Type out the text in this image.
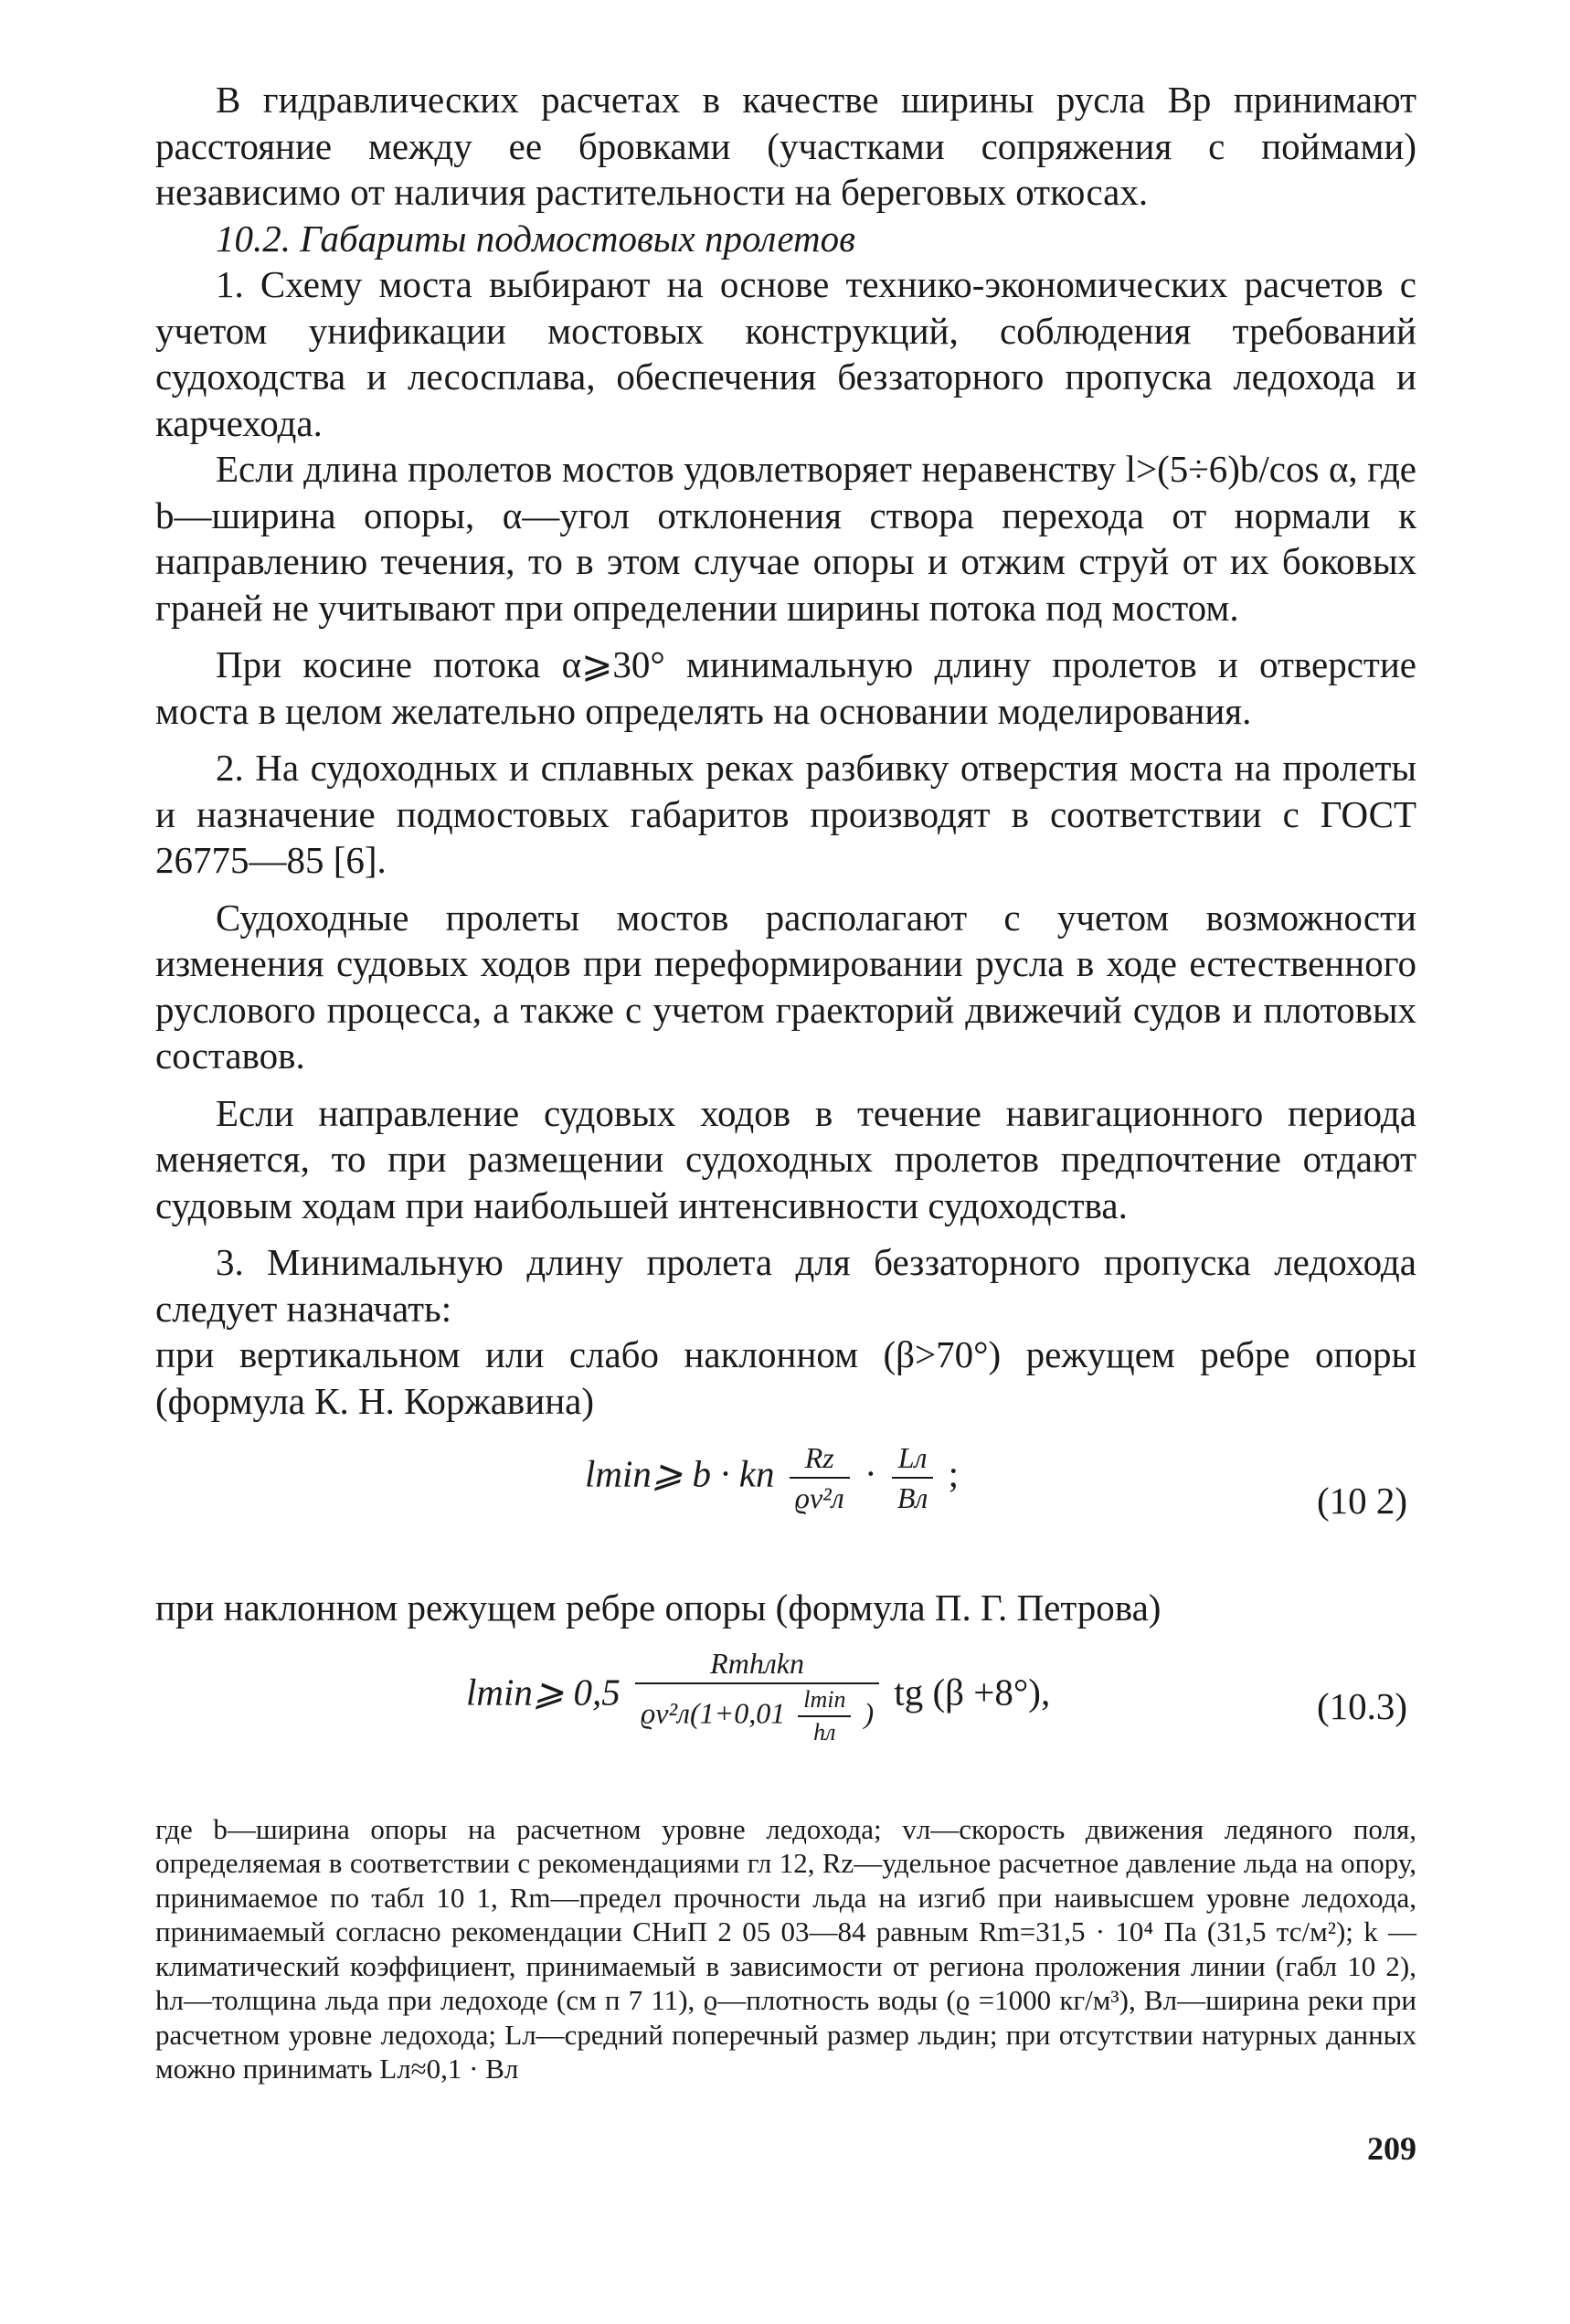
В гидравлических расчетах в качестве ширины русла Bр принимают расстояние между ее бровками (участками сопряжения с поймами) независимо от наличия растительности на береговых откосах.

10.2. Габариты подмостовых пролетов

1. Схему моста выбирают на основе технико-экономических расчетов с учетом унификации мостовых конструкций, соблюдения требований судоходства и лесосплава, обеспечения беззаторного пропуска ледохода и карчехода.

Если длина пролетов мостов удовлетворяет неравенству l>(5÷6)b/cos α, где b—ширина опоры, α—угол отклонения створа перехода от нормали к направлению течения, то в этом случае опоры и отжим струй от их боковых граней не учитывают при определении ширины потока под мостом.

При косине потока α⩾30° минимальную длину пролетов и отверстие моста в целом желательно определять на основании моделирования.

2. На судоходных и сплавных реках разбивку отверстия моста на пролеты и назначение подмостовых габаритов производят в соответствии с ГОСТ 26775—85 [6].

Судоходные пролеты мостов располагают с учетом возможности изменения судовых ходов при переформировании русла в ходе естественного руслового процесса, а также с учетом граекторий движечий судов и плотовых составов.

Если направление судовых ходов в течение навигационного периода меняется, то при размещении судоходных пролетов предпочтение отдают судовым ходам при наибольшей интенсивности судоходства.

3. Минимальную длину пролета для беззаторного пропуска ледохода следует назначать:

при вертикальном или слабо наклонном (β>70°) режущем ребре опоры (формула К. Н. Коржавина)

lmin⩾ b · kп $\frac{Rz}{\text{ϱv²л}} \cdot \frac{Lл}{Bл}$ ;
(10 2)

при наклонном режущем ребре опоры (формула П. Г. Петрова)

lmin⩾ 0,5
Rmhлkп
$ϱv^2л(1+0,01 \frac{lmin}{hл}$ ) tg (β +8°),	(10.3)

где b—ширина опоры на расчетном уровне ледохода; vл—скорость движения ледяного поля, определяемая в соответствии с рекомендациями гл 12, Rz—удельное расчетное давление льда на опору, принимаемое по табл 10 1, Rm—предел прочности льда на изгиб при наивысшем уровне ледохода, принимаемый согласно рекомендации СНиП 2 05 03—84 равным Rm=31,5 · 10⁴ Па (31,5 тс/м²); k —климатический коэффициент, принимаемый в зависимости от региона проложения линии (габл 10 2), hл—толщина льда при ледоходе (см п 7 11), ϱ—плотность воды (ϱ =1000 кг/м³), Bл—ширина реки при расчетном уровне ледохода; Lл—средний поперечный размер льдин; при отсутствии натурных данных можно принимать Lл≈0,1 · Вл

209
